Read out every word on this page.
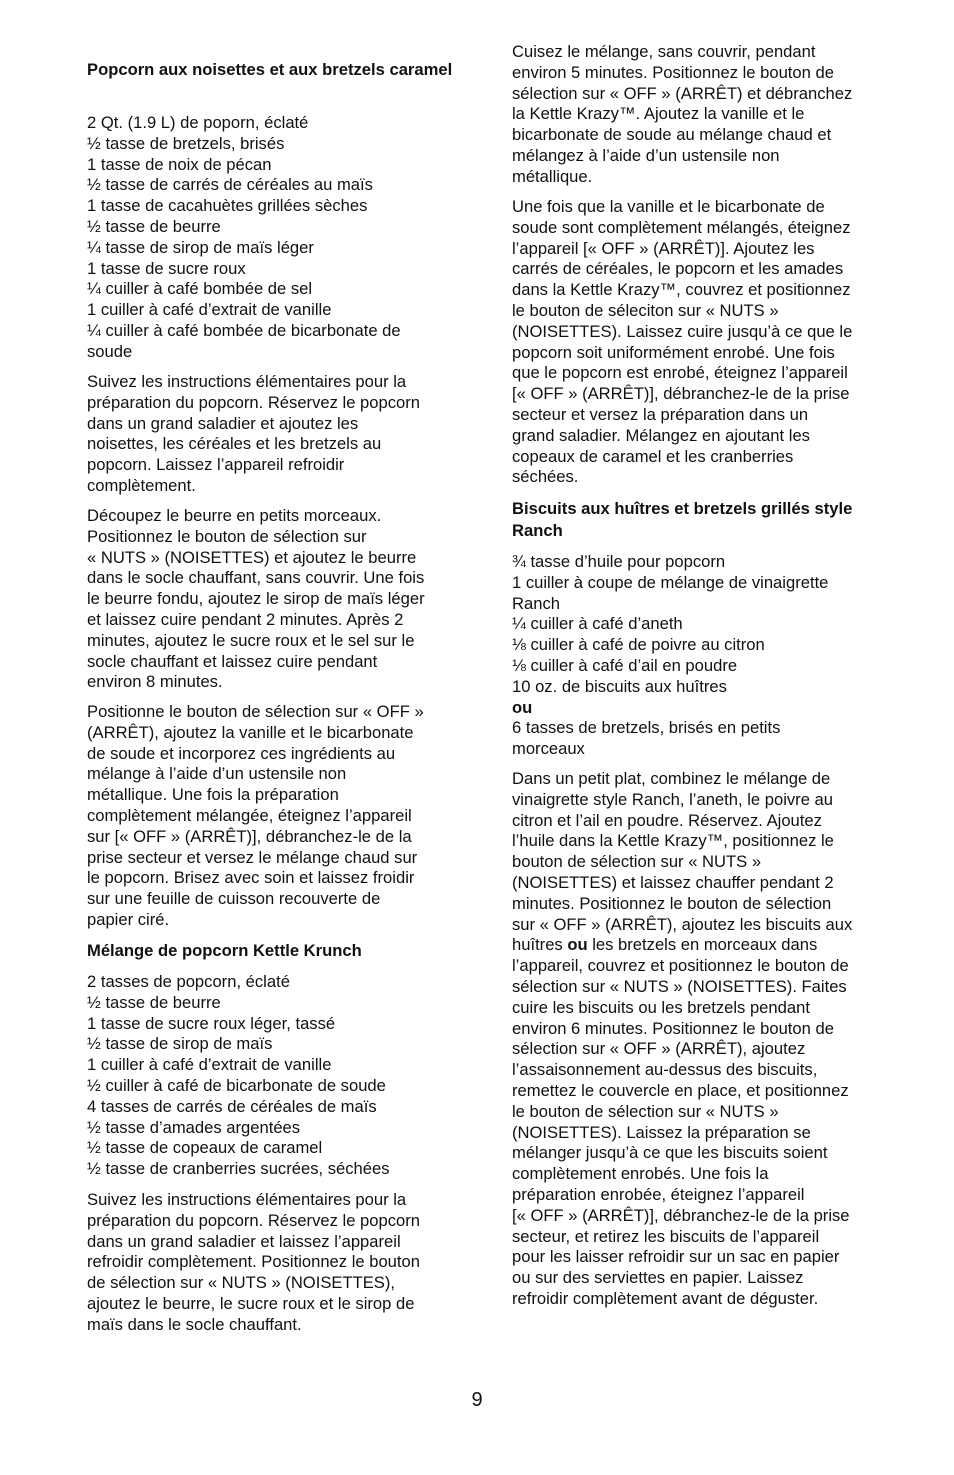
Popcorn aux noisettes et aux bretzels caramel
2 Qt. (1.9 L) de poporn, éclaté
½ tasse de bretzels, brisés
1 tasse de noix de pécan
½ tasse de carrés de céréales au maïs
1 tasse de cacahuètes grillées sèches
½ tasse de beurre
¼ tasse de sirop de maïs léger
1 tasse de sucre roux
¼ cuiller à café bombée de sel
1 cuiller à café d’extrait de vanille
¼ cuiller à café bombée de bicarbonate de
soude
Suivez les instructions élémentaires pour la
préparation du popcorn. Réservez le popcorn
dans un grand saladier et ajoutez les
noisettes, les céréales et les bretzels au
popcorn. Laissez l’appareil refroidir
complètement.
Découpez le beurre en petits morceaux.
Positionnez le bouton de sélection sur
« NUTS » (NOISETTES) et ajoutez le beurre
dans le socle chauffant, sans couvrir. Une fois
le beurre fondu, ajoutez le sirop de maïs léger
et laissez cuire pendant 2 minutes. Après 2
minutes, ajoutez le sucre roux et le sel sur le
socle chauffant et laissez cuire pendant
environ 8 minutes.
Positionne le bouton de sélection sur « OFF »
(ARRÊT), ajoutez la vanille et le bicarbonate
de soude et incorporez ces ingrédients au
mélange à l’aide d’un ustensile non
métallique. Une fois la préparation
complètement mélangée, éteignez l’appareil
sur [« OFF » (ARRÊT)], débranchez-le de la
prise secteur et versez le mélange chaud sur
le popcorn. Brisez avec soin et laissez froidir
sur une feuille de cuisson recouverte de
papier ciré.
Mélange de popcorn Kettle Krunch
2 tasses de popcorn, éclaté
½ tasse de beurre
1 tasse de sucre roux léger, tassé
½ tasse de sirop de maïs
1 cuiller à café d’extrait de vanille
½ cuiller à café de bicarbonate de soude
4 tasses de carrés de céréales de maïs
½ tasse d’amades argentées
½ tasse de copeaux de caramel
½ tasse de cranberries sucrées, séchées
Suivez les instructions élémentaires pour la
préparation du popcorn. Réservez le popcorn
dans un grand saladier et laissez l’appareil
refroidir complètement. Positionnez le bouton
de sélection sur « NUTS » (NOISETTES),
ajoutez le beurre, le sucre roux et le sirop de
maïs dans le socle chauffant.
Cuisez le mélange, sans couvrir, pendant
environ 5 minutes. Positionnez le bouton de
sélection sur « OFF » (ARRÊT) et débranchez
la Kettle Krazy™. Ajoutez la vanille et le
bicarbonate de soude au mélange chaud et
mélangez à l’aide d’un ustensile non
métallique.
Une fois que la vanille et le bicarbonate de
soude sont complètement mélangés, éteignez
l’appareil [« OFF » (ARRÊT)]. Ajoutez les
carrés de céréales, le popcorn et les amades
dans la Kettle Krazy™, couvrez et positionnez
le bouton de séleciton sur « NUTS »
(NOISETTES). Laissez cuire jusqu’à ce que le
popcorn soit uniformément enrobé. Une fois
que le popcorn est enrobé, éteignez l’appareil
[« OFF » (ARRÊT)], débranchez-le de la prise
secteur et versez la préparation dans un
grand saladier. Mélangez en ajoutant les
copeaux de caramel et les cranberries
séchées.
Biscuits aux huîtres et bretzels grillés style Ranch
¾ tasse d’huile pour popcorn
1 cuiller à coupe de mélange de vinaigrette
Ranch
¼ cuiller à café d’aneth
⅛ cuiller à café de poivre au citron
⅛ cuiller à café d’ail en poudre
10 oz. de biscuits aux huîtres
ou
6 tasses de bretzels, brisés en petits
morceaux
Dans un petit plat, combinez le mélange de
vinaigrette style Ranch, l’aneth, le poivre au
citron et l’ail en poudre. Réservez. Ajoutez
l’huile dans la Kettle Krazy™, positionnez le
bouton de sélection sur « NUTS »
(NOISETTES) et laissez chauffer pendant 2
minutes. Positionnez le bouton de sélection
sur « OFF » (ARRÊT), ajoutez les biscuits aux
huîtres ou les bretzels en morceaux dans
l’appareil, couvrez et positionnez le bouton de
sélection sur « NUTS » (NOISETTES). Faites
cuire les biscuits ou les bretzels pendant
environ 6 minutes. Positionnez le bouton de
sélection sur « OFF » (ARRÊT), ajoutez
l’assaisonnement au-dessus des biscuits,
remettez le couvercle en place, et positionnez
le bouton de sélection sur « NUTS »
(NOISETTES). Laissez la préparation se
mélanger jusqu’à ce que les biscuits soient
complètement enrobés. Une fois la
préparation enrobée, éteignez l’appareil
[« OFF » (ARRÊT)], débranchez-le de la prise
secteur, et retirez les biscuits de l’appareil
pour les laisser refroidir sur un sac en papier
ou sur des serviettes en papier. Laissez
refroidir complètement avant de déguster.
9
